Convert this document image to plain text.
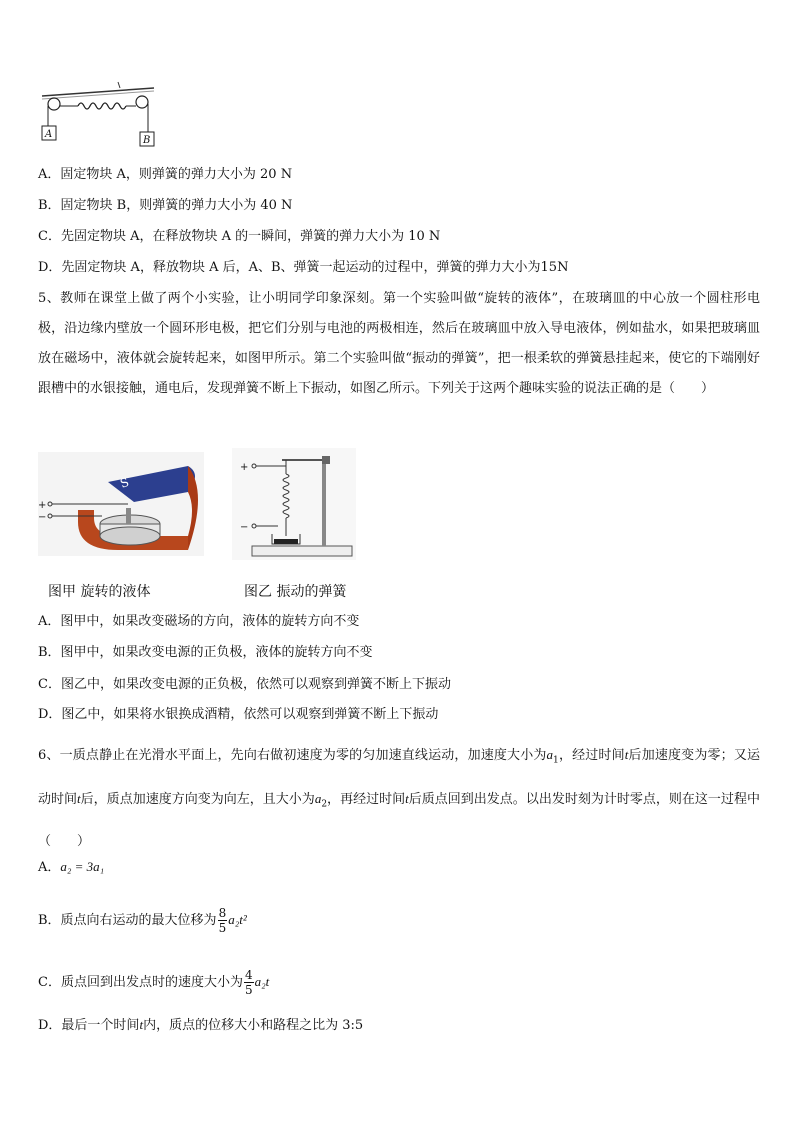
A
B
A．固定物块 A，则弹簧的弹力大小为 20 N
B．固定物块 B，则弹簧的弹力大小为 40 N
C．先固定物块 A，在释放物块 A 的一瞬间，弹簧的弹力大小为 10 N
D．先固定物块 A，释放物块 A 后，A、B、弹簧一起运动的过程中，弹簧的弹力大小为15N
5、教师在课堂上做了两个小实验，让小明同学印象深刻。第一个实验叫做“旋转的液体”，在玻璃皿的中心放一个圆柱形电极，沿边缘内壁放一个圆环形电极，把它们分别与电池的两极相连，然后在玻璃皿中放入导电液体，例如盐水，如果把玻璃皿放在磁场中，液体就会旋转起来，如图甲所示。第二个实验叫做“振动的弹簧”，把一根柔软的弹簧悬挂起来，使它的下端刚好跟槽中的水银接触，通电后，发现弹簧不断上下振动，如图乙所示。下列关于这两个趣味实验的说法正确的是（　　）
S
+
−
+
−
图甲 旋转的液体	图乙 振动的弹簧
A．图甲中，如果改变磁场的方向，液体的旋转方向不变
B．图甲中，如果改变电源的正负极，液体的旋转方向不变
C．图乙中，如果改变电源的正负极，依然可以观察到弹簧不断上下振动
D．图乙中，如果将水银换成酒精，依然可以观察到弹簧不断上下振动
6、一质点静止在光滑水平面上，先向右做初速度为零的匀加速直线运动，加速度大小为$a_1$，经过时间t后加速度变为零；又运动时间t后，质点加速度方向变为向左，且大小为$a_2$，再经过时间t后质点回到出发点。以出发时刻为计时零点，则在这一过程中（　　）
A．a₂ = 3a₁
B．质点向右运动的最大位移为 $\frac{8}{5} a_2t^2$
C．质点回到出发点时的速度大小为 $\frac{4}{5} a_2t$
D．最后一个时间t内，质点的位移大小和路程之比为 3:5
